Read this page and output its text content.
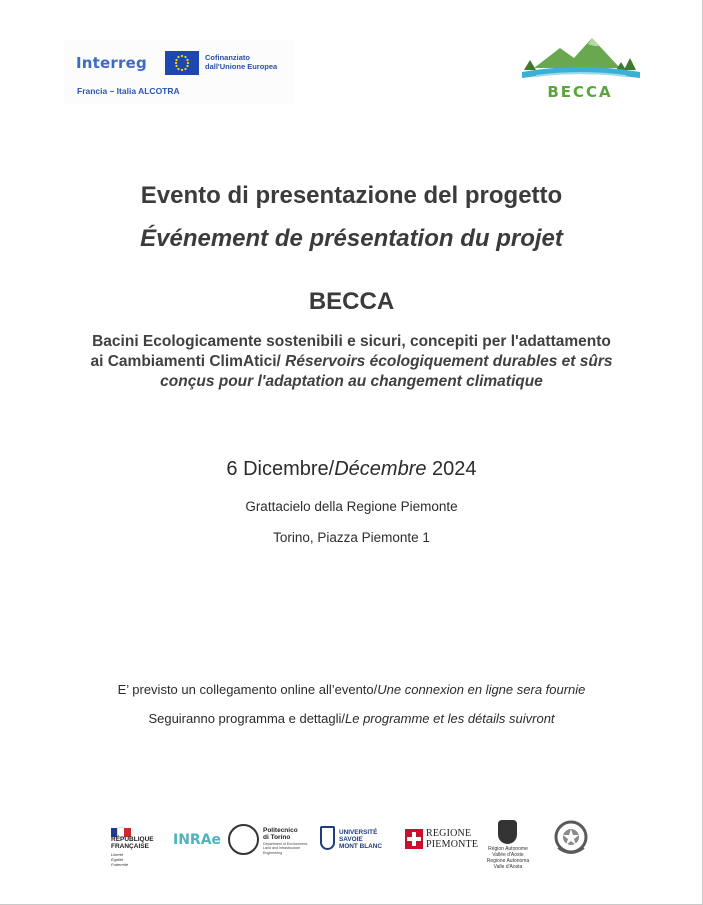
Interreg	Cofinanziato
dall'Unione Europea
Francia – Italia ALCOTRA	BECCA
Evento di presentazione del progetto
Événement de présentation du projet
BECCA
Bacini Ecologicamente sostenibili e sicuri, concepiti per l'adattamento
ai Cambiamenti ClimAtici/ Réservoirs écologiquement durables et sûrs
conçus pour l'adaptation au changement climatique
6 Dicembre/Décembre 2024
Grattacielo della Regione Piemonte
Torino, Piazza Piemonte 1
E’ previsto un collegamento online all’evento/Une connexion en ligne sera fournie
Seguiranno programma e dettagli/Le programme et les détails suivront
RÉPUBLIQUE
FRANÇAISE
Liberté
Égalité
Fraternité
INRAe
Politecnico
di Torino
Department of Environment,
Land and Infrastructure
Engineering
UNIVERSITÉ
SAVOIE
MONT BLANC
REGIONE
PIEMONTE	Région Autonome
Vallée d'Aoste
Regione Autonoma
Valle d'Aosta
